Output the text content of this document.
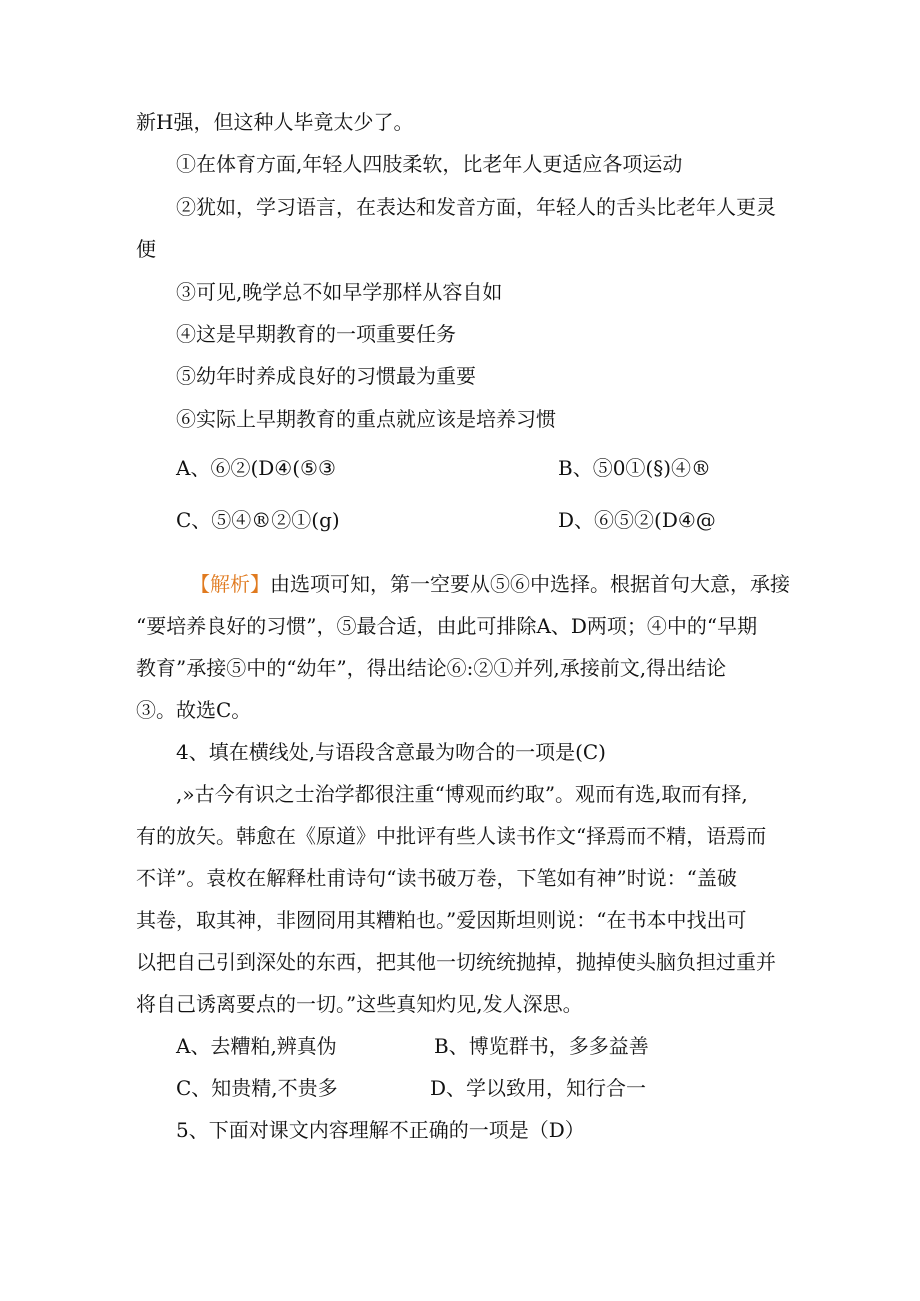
新H强，但这种人毕竟太少了。
①在体育方面,年轻人四肢柔软，比老年人更适应各项运动
②犹如，学习语言，在表达和发音方面，年轻人的舌头比老年人更灵
便
③可见,晚学总不如早学那样从容自如
④这是早期教育的一项重要任务
⑤幼年时养成良好的习惯最为重要
⑥实际上早期教育的重点就应该是培养习惯
A、⑥②(D④(⑤③	B、⑤0①(§)④®
C、⑤④®②①(g)	D、⑥⑤②(D④@
【解析】由选项可知，第一空要从⑤⑥中选择。根据首句大意，承接
“要培养良好的习惯”，⑤最合适，由此可排除A、D两项；④中的“早期
教育”承接⑤中的“幼年”，得出结论⑥:②①并列,承接前文,得出结论
③。故选C。
4、填在横线处,与语段含意最为吻合的一项是(C)
,»古今有识之士治学都很注重“博观而约取”。观而有选,取而有择,
有的放矢。韩愈在《原道》中批评有些人读书作文“择焉而不精，语焉而
不详”。袁枚在解释杜甫诗句“读书破万卷，下笔如有神”时说：“盖破
其卷，取其神，非囫冏用其糟粕也。”爱因斯坦则说：“在书本中找出可
以把自己引到深处的东西，把其他一切统统抛掉，抛掉使头脑负担过重并
将自己诱离要点的一切。”这些真知灼见,发人深思。
A、去糟粕,辨真伪	B、博览群书，多多益善
C、知贵精,不贵多	D、学以致用，知行合一
5、下面对课文内容理解不正确的一项是（D）
